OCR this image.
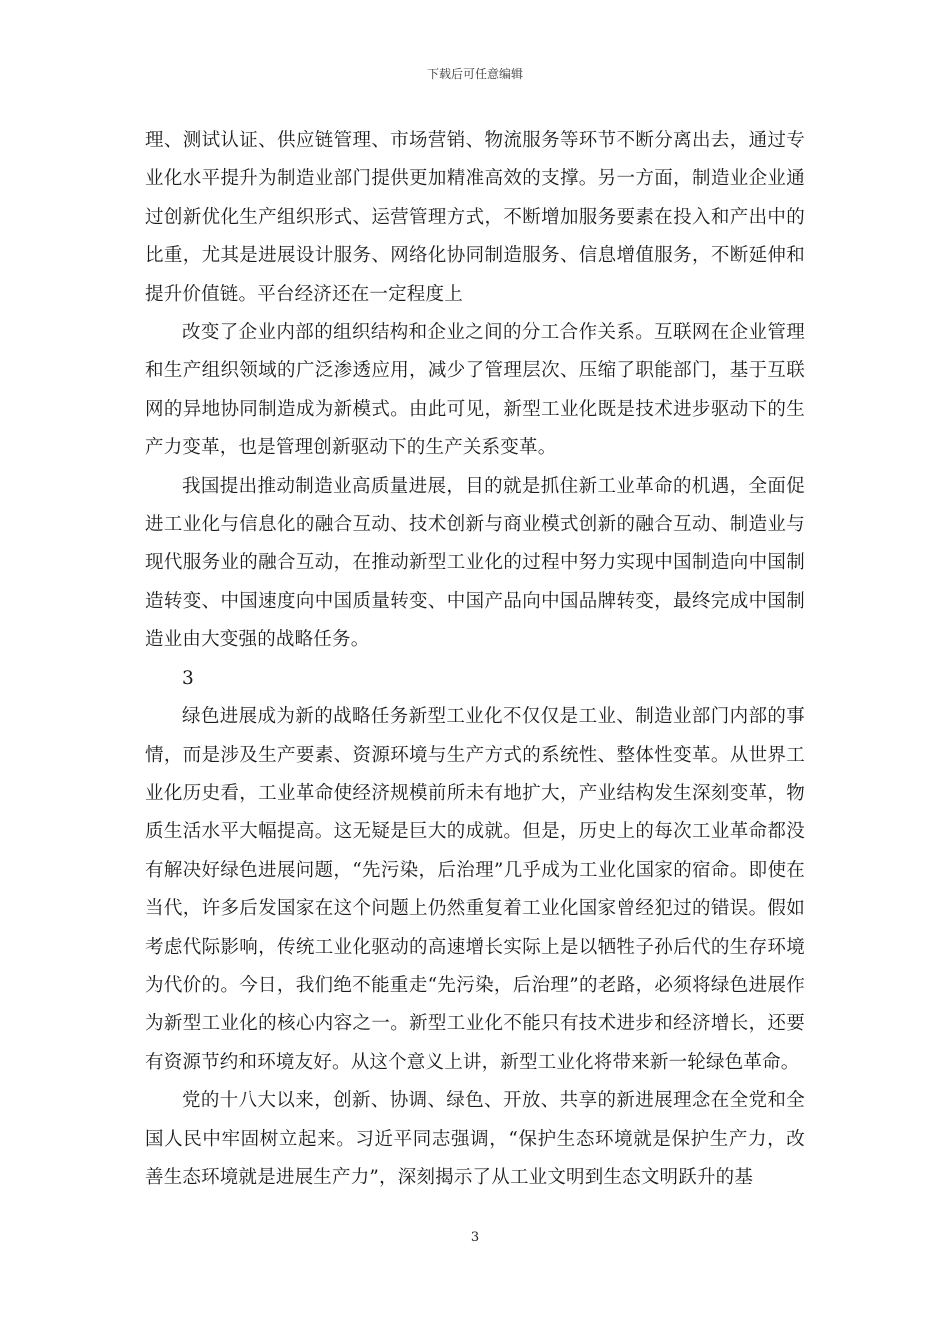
下载后可任意编辑

理、测试认证、供应链管理、市场营销、物流服务等环节不断分离出去，通过专业化水平提升为制造业部门提供更加精准高效的支撑。另一方面，制造业企业通过创新优化生产组织形式、运营管理方式，不断增加服务要素在投入和产出中的比重，尤其是进展设计服务、网络化协同制造服务、信息增值服务，不断延伸和提升价值链。平台经济还在一定程度上

改变了企业内部的组织结构和企业之间的分工合作关系。互联网在企业管理和生产组织领域的广泛渗透应用，减少了管理层次、压缩了职能部门，基于互联网的异地协同制造成为新模式。由此可见，新型工业化既是技术进步驱动下的生产力变革，也是管理创新驱动下的生产关系变革。

我国提出推动制造业高质量进展，目的就是抓住新工业革命的机遇，全面促进工业化与信息化的融合互动、技术创新与商业模式创新的融合互动、制造业与现代服务业的融合互动，在推动新型工业化的过程中努力实现中国制造向中国制造转变、中国速度向中国质量转变、中国产品向中国品牌转变，最终完成中国制造业由大变强的战略任务。

3

绿色进展成为新的战略任务新型工业化不仅仅是工业、制造业部门内部的事情，而是涉及生产要素、资源环境与生产方式的系统性、整体性变革。从世界工业化历史看，工业革命使经济规模前所未有地扩大，产业结构发生深刻变革，物质生活水平大幅提高。这无疑是巨大的成就。但是，历史上的每次工业革命都没有解决好绿色进展问题，“先污染，后治理”几乎成为工业化国家的宿命。即使在当代，许多后发国家在这个问题上仍然重复着工业化国家曾经犯过的错误。假如考虑代际影响，传统工业化驱动的高速增长实际上是以牺牲子孙后代的生存环境为代价的。今日，我们绝不能重走“先污染，后治理”的老路，必须将绿色进展作为新型工业化的核心内容之一。新型工业化不能只有技术进步和经济增长，还要有资源节约和环境友好。从这个意义上讲，新型工业化将带来新一轮绿色革命。

党的十八大以来，创新、协调、绿色、开放、共享的新进展理念在全党和全国人民中牢固树立起来。习近平同志强调，“保护生态环境就是保护生产力，改善生态环境就是进展生产力”，深刻揭示了从工业文明到生态文明跃升的基

3
